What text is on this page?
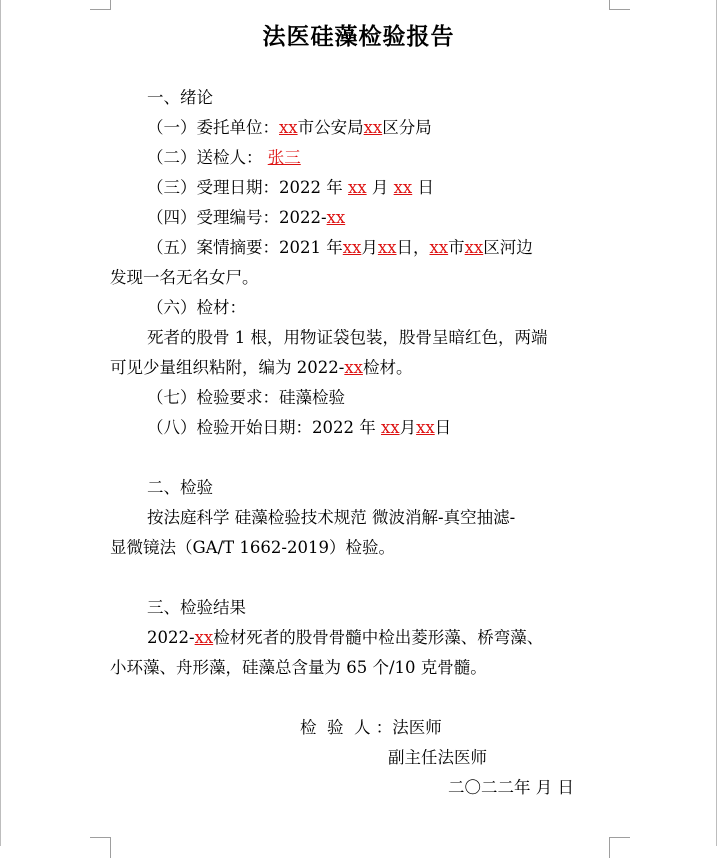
法医硅藻检验报告
一、绪论
（一）委托单位：xx市公安局xx区分局
（二）送检人： 张三
（三）受理日期：2022 年 xx 月 xx 日
（四）受理编号：2022-xx
（五）案情摘要：2021 年xx月xx日，xx市xx区河边
发现一名无名女尸。
（六）检材：
死者的股骨 1 根，用物证袋包装，股骨呈暗红色，两端
可见少量组织粘附，编为 2022-xx检材。
（七）检验要求：硅藻检验
（八）检验开始日期：2022 年 xx月xx日
二、检验
按法庭科学 硅藻检验技术规范 微波消解-真空抽滤-
显微镜法（GA/T 1662-2019）检验。
三、检验结果
2022-xx检材死者的股骨骨髓中检出菱形藻、桥弯藻、
小环藻、舟形藻，硅藻总含量为 65 个/10 克骨髓。
检  验  人 ：法医师
副主任法医师
二〇二二年 月 日
